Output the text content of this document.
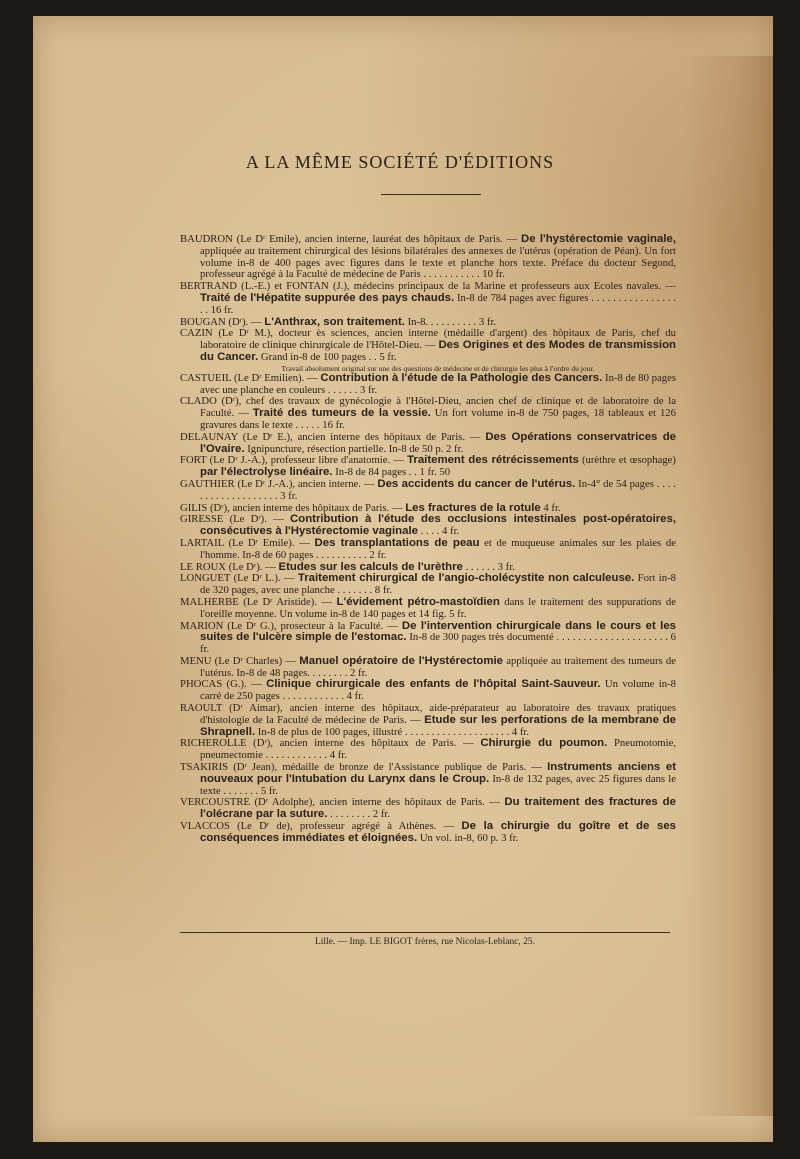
A LA MÊME SOCIÉTÉ D'ÉDITIONS

BAUDRON (Le Dʳ Emile), ancien interne, lauréat des hôpitaux de Paris. — De l'hystérectomie vaginale, appliquée au traitement chirurgical des lésions bilatérales des annexes de l'utérus (opération de Péan). Un fort volume in-8 de 400 pages avec figures dans le texte et planche hors texte. Préface du docteur Segond, professeur agrégé à la Faculté de médecine de Paris . . . . . . . . . . . 10 fr.

BERTRAND (L.-E.) et FONTAN (J.), médecins principaux de la Marine et professeurs aux Ecoles navales. — Traité de l'Hépatite suppurée des pays chauds. In-8 de 784 pages avec figures . . . . . . . . . . . . . . . . . . 16 fr.

BOUGAN (Dʳ). — L'Anthrax, son traitement. In-8. . . . . . . . . . 3 fr.

CAZIN (Le Dʳ M.), docteur ès sciences, ancien interne (médaille d'argent) des hôpitaux de Paris, chef du laboratoire de clinique chirurgicale de l'Hôtel-Dieu. — Des Origines et des Modes de transmission du Cancer. Grand in-8 de 100 pages . . 5 fr.
Travail absolument original sur une des questions de médecine et de chirurgie les plus à l'ordre du jour.

CASTUEIL (Le Dʳ Emilien). — Contribution à l'étude de la Pathologie des Cancers. In-8 de 80 pages avec une planche en couleurs . . . . . . 3 fr.

CLADO (Dʳ), chef des travaux de gynécologie à l'Hôtel-Dieu, ancien chef de clinique et de laboratoire de la Faculté. — Traité des tumeurs de la vessie. Un fort volume in-8 de 750 pages, 18 tableaux et 126 gravures dans le texte . . . . . 16 fr.

DELAUNAY (Le Dʳ E.), ancien interne des hôpitaux de Paris. — Des Opérations conservatrices de l'Ovaire. Ignipuncture, résection partielle. In-8 de 50 p. 2 fr.

FORT (Le Dʳ J.-A.), professeur libre d'anatomie. — Traitement des rétrécissements (urèthre et œsophage) par l'électrolyse linéaire. In-8 de 84 pages . . 1 fr. 50

GAUTHIER (Le Dʳ J.-A.), ancien interne. — Des accidents du cancer de l'utérus. In-4° de 54 pages . . . . . . . . . . . . . . . . . . . 3 fr.

GILIS (Dʳ), ancien interne des hôpitaux de Paris. — Les fractures de la rotule 4 fr.

GIRESSE (Le Dʳ). — Contribution à l'étude des occlusions intestinales post-opératoires, consécutives à l'Hystérectomie vaginale . . . . 4 fr.

LARTAIL (Le Dʳ Emile). — Des transplantations de peau et de muqueuse animales sur les plaies de l'homme. In-8 de 60 pages . . . . . . . . . . 2 fr.

LE ROUX (Le Dʳ). — Etudes sur les calculs de l'urèthre . . . . . . 3 fr.

LONGUET (Le Dʳ L.). — Traitement chirurgical de l'angio-cholécystite non calculeuse. Fort in-8 de 320 pages, avec une planche . . . . . . . 8 fr.

MALHERBE (Le Dʳ Aristide). — L'évidement pétro-mastoïdien dans le traitement des suppurations de l'oreille moyenne. Un volume in-8 de 140 pages et 14 fig. 5 fr.

MARION (Le Dʳ G.), prosecteur à la Faculté. — De l'intervention chirurgicale dans le cours et les suites de l'ulcère simple de l'estomac. In-8 de 300 pages très documenté . . . . . . . . . . . . . . . . . . . . . 6 fr.

MENU (Le Dʳ Charles) — Manuel opératoire de l'Hystérectomie appliquée au traitement des tumeurs de l'utérus. In-8 de 48 pages. . . . . . . . 2 fr.

PHOCAS (G.). — Clinique chirurgicale des enfants de l'hôpital Saint-Sauveur. Un volume in-8 carré de 250 pages . . . . . . . . . . . . 4 fr.

RAOULT (Dʳ Aimar), ancien interne des hôpitaux, aide-préparateur au laboratoire des travaux pratiques d'histologie de la Faculté de médecine de Paris. — Etude sur les perforations de la membrane de Shrapnell. In-8 de plus de 100 pages, illustré . . . . . . . . . . . . . . . . . . . . 4 fr.

RICHEROLLE (Dʳ), ancien interne des hôpitaux de Paris. — Chirurgie du poumon. Pneumotomie, pneumectomie . . . . . . . . . . . . 4 fr.

TSAKIRIS (Dʳ Jean), médaille de bronze de l'Assistance publique de Paris. — Instruments anciens et nouveaux pour l'Intubation du Larynx dans le Croup. In-8 de 132 pages, avec 25 figures dans le texte . . . . . . . 5 fr.

VERCOUSTRE (Dʳ Adolphe), ancien interne des hôpitaux de Paris. — Du traitement des fractures de l'olécrane par la suture. . . . . . . . . 2 fr.

VLACCOS (Le Dʳ de), professeur agrégé à Athènes. — De la chirurgie du goître et de ses conséquences immédiates et éloignées. Un vol. in-8, 60 p. 3 fr.

Lille. — Imp. LE BIGOT frères, rue Nicolas-Leblanc, 25.
